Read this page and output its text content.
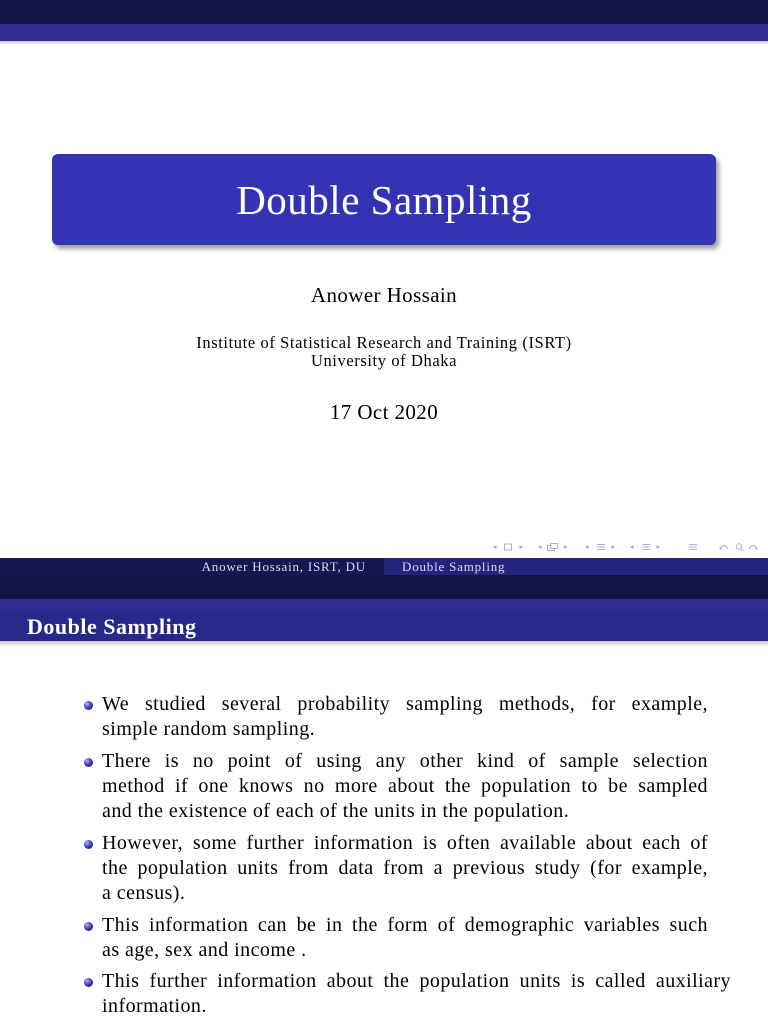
Double Sampling
Anower Hossain
Institute of Statistical Research and Training (ISRT)
University of Dhaka
17 Oct 2020
Anower Hossain, ISRT, DU	Double Sampling
Double Sampling
We studied several probability sampling methods, for example,
simple random sampling.
There is no point of using any other kind of sample selection
method if one knows no more about the population to be sampled
and the existence of each of the units in the population.
However, some further information is often available about each of
the population units from data from a previous study (for example,
a census).
This information can be in the form of demographic variables such
as age, sex and income .
This further information about the population units is called auxiliary
information.
